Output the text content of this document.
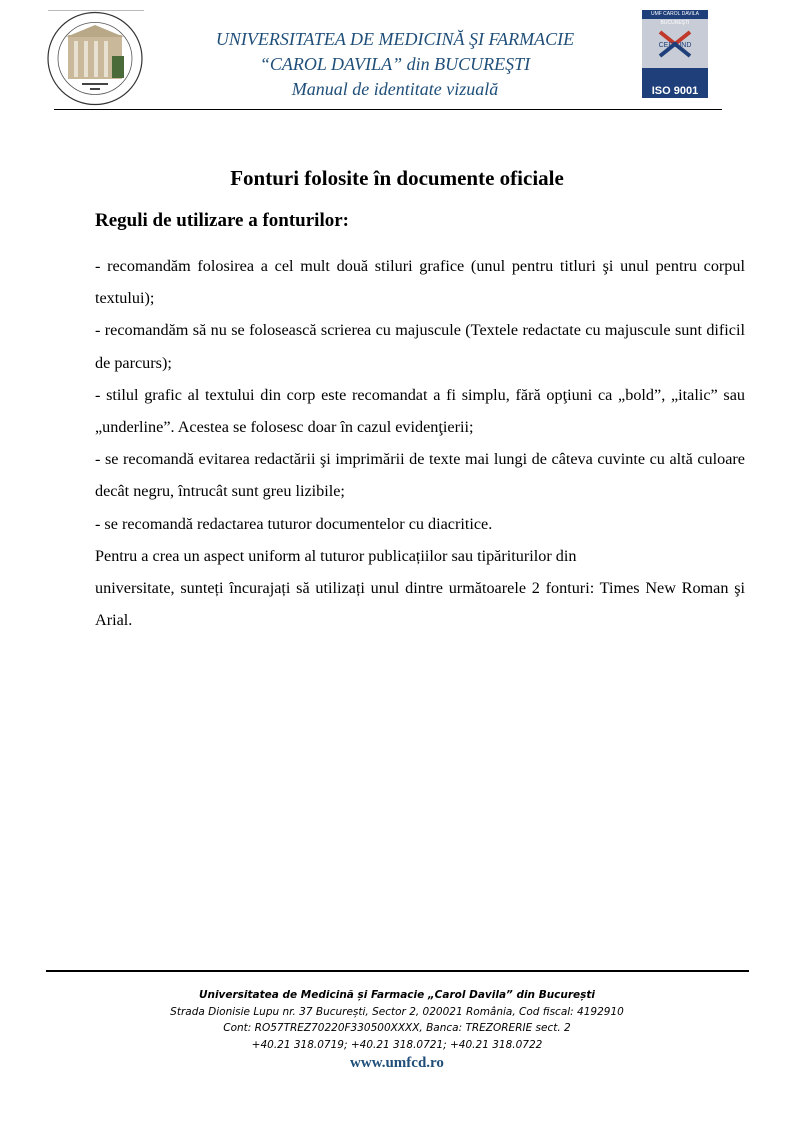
UNIVERSITATEA DE MEDICINĂ ŞI FARMACIE
“CAROL DAVILA” din BUCUREŞTI
Manual de identitate vizuală
UMF CAROL DAVILA BUCUREŞTI
CERT IND
ISO 9001
Fonturi folosite în documente oficiale
Reguli de utilizare a fonturilor:

- recomandăm folosirea a cel mult două stiluri grafice (unul pentru titluri şi unul pentru corpul textului);

- recomandăm să nu se folosească scrierea cu majuscule (Textele redactate cu majuscule sunt dificil de parcurs);

- stilul grafic al textului din corp este recomandat a fi simplu, fără opţiuni ca „bold”, „italic” sau „underline”. Acestea se folosesc doar în cazul evidenţierii;

- se recomandă evitarea redactării şi imprimării de texte mai lungi de câteva cuvinte cu altă culoare decât negru, întrucât sunt greu lizibile;

- se recomandă redactarea tuturor documentelor cu diacritice.

Pentru a crea un aspect uniform al tuturor publicațiilor sau tipăriturilor din

universitate, sunteți încurajați să utilizați unul dintre următoarele 2 fonturi: Times New Roman şi Arial.

Universitatea de Medicină și Farmacie „Carol Davila” din București
Strada Dionisie Lupu nr. 37 București, Sector 2, 020021 România, Cod fiscal: 4192910
Cont: RO57TREZ70220F330500XXXX, Banca: TREZORERIE sect. 2
+40.21 318.0719; +40.21 318.0721; +40.21 318.0722
www.umfcd.ro
